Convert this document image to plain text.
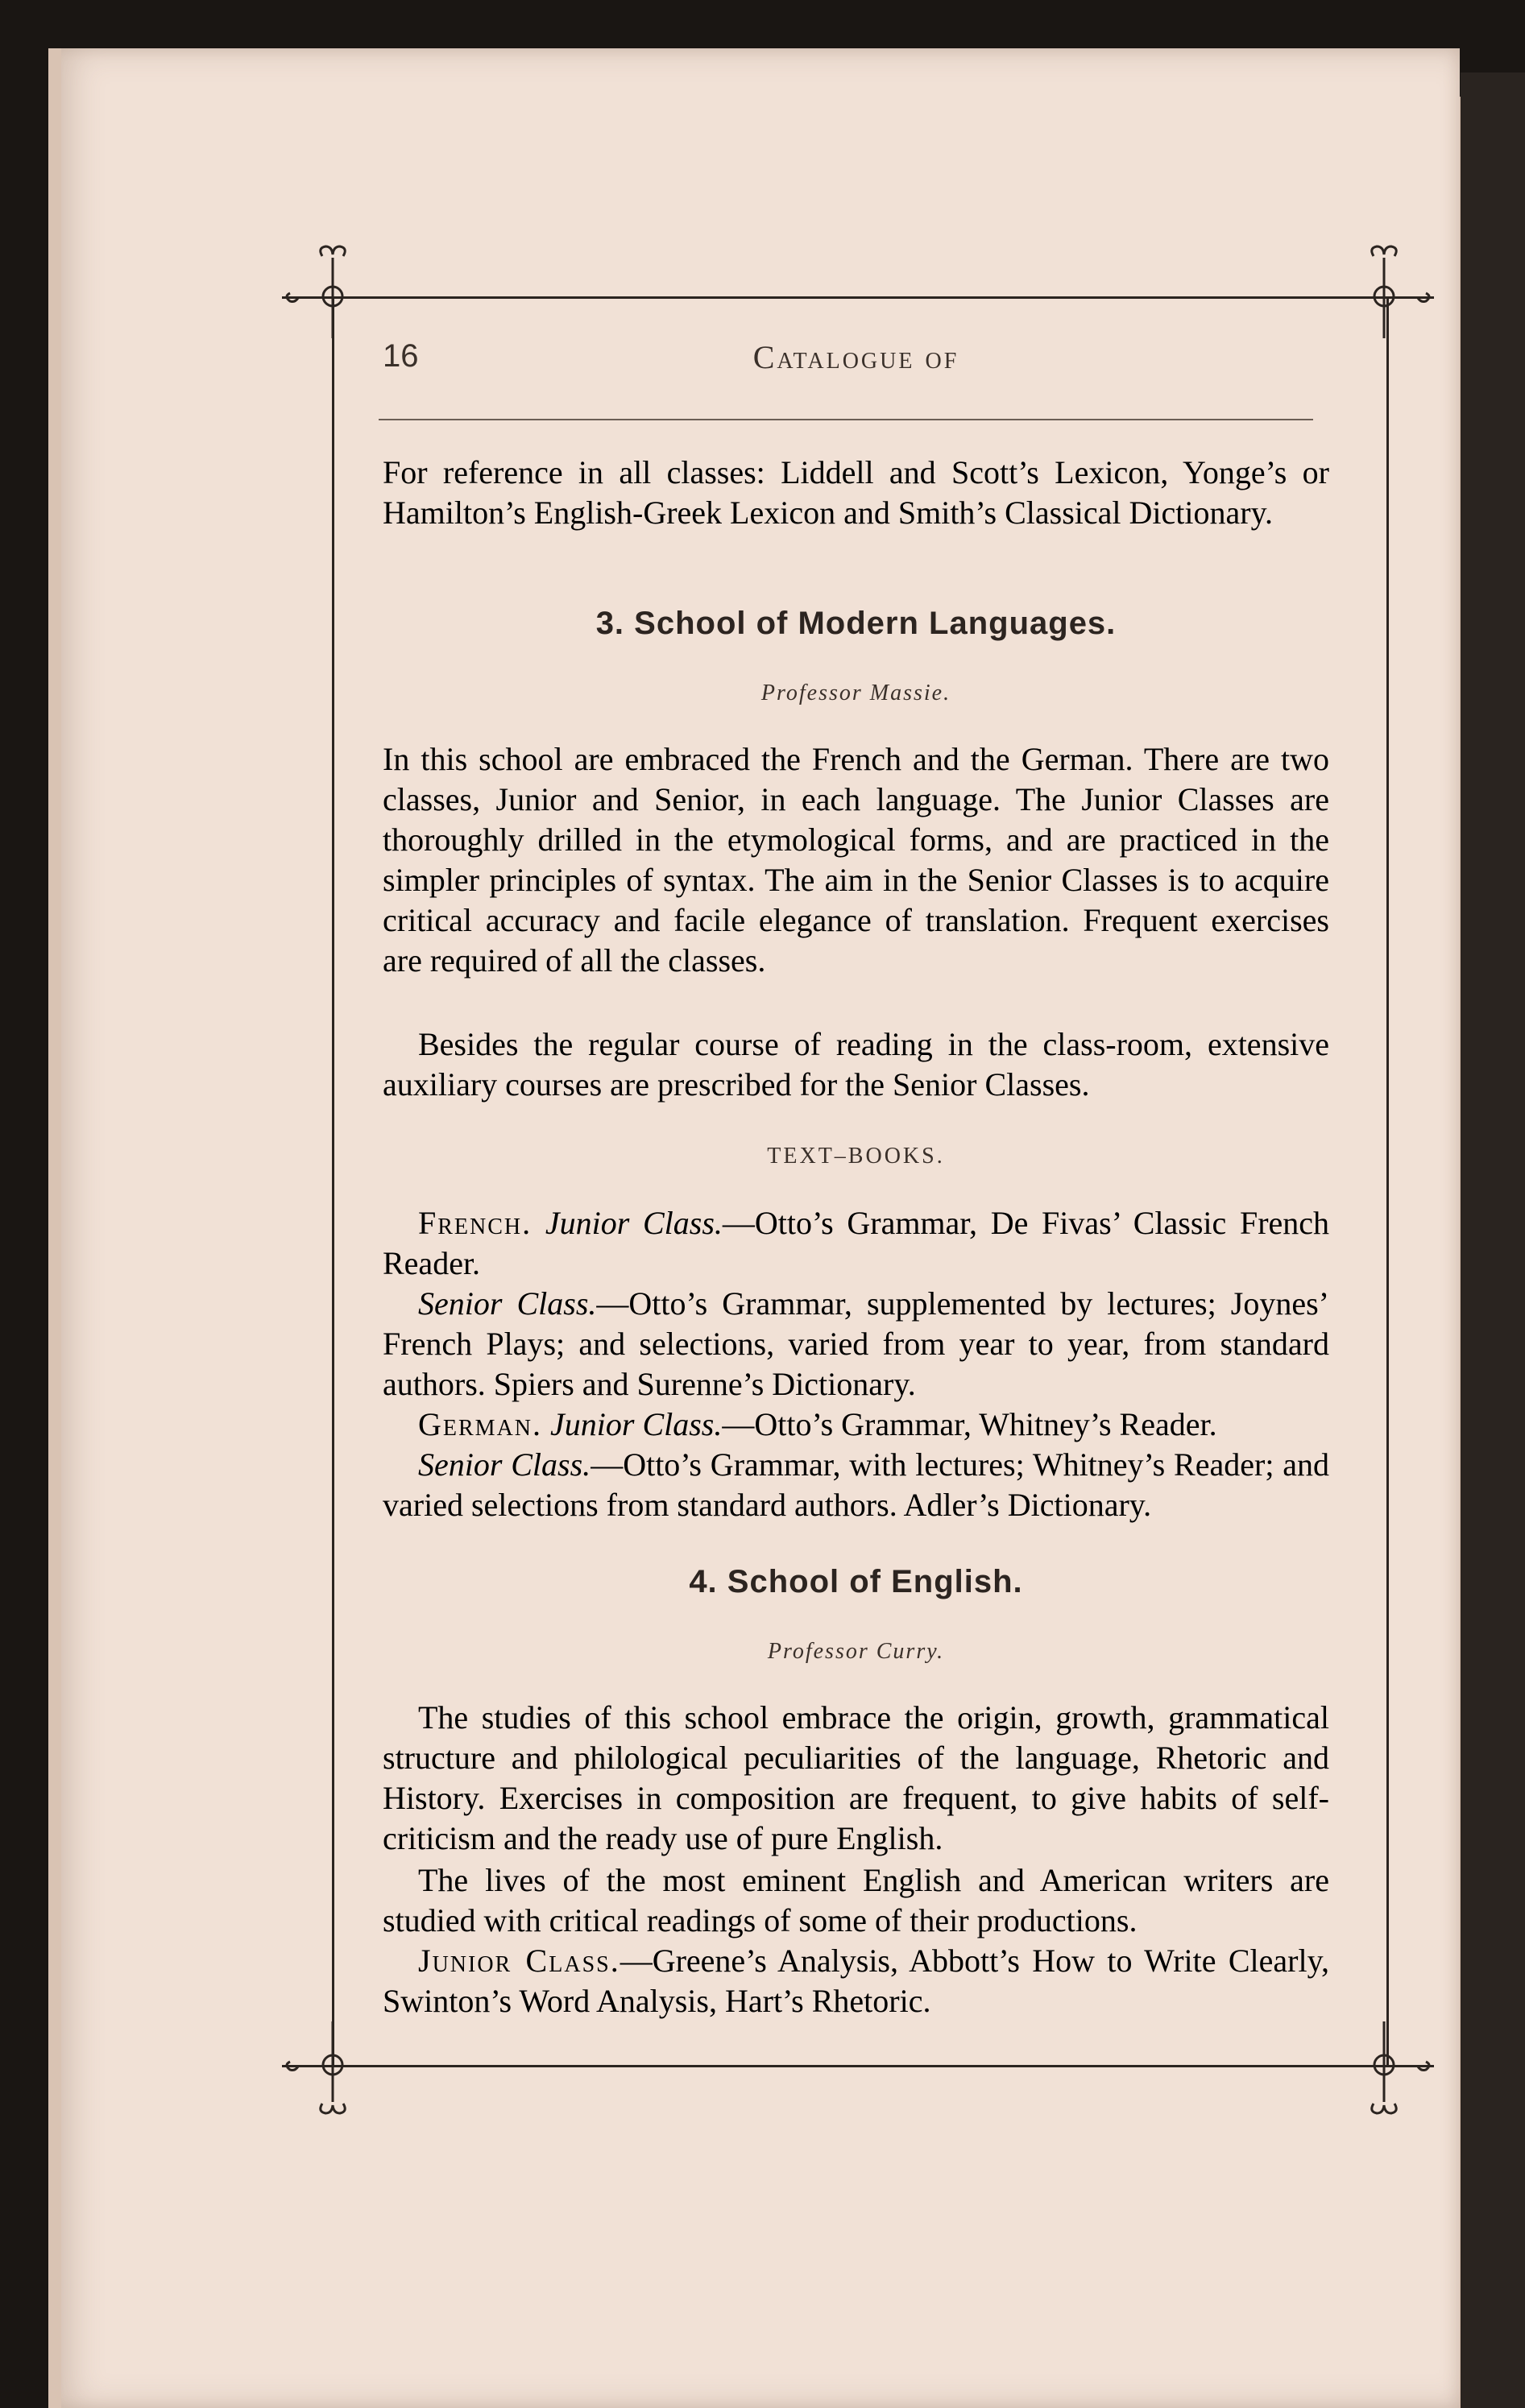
16	Catalogue of
For reference in all classes: Liddell and Scott’s Lexicon, Yonge’s or Hamilton’s English-Greek Lexicon and Smith’s Classical Dictionary.
3. School of Modern Languages.
Professor Massie.
In this school are embraced the French and the German. There are two classes, Junior and Senior, in each language. The Junior Classes are thoroughly drilled in the etymological forms, and are practiced in the simpler principles of syntax. The aim in the Senior Classes is to acquire critical accuracy and facile elegance of translation. Frequent exercises are required of all the classes.
Besides the regular course of reading in the class-room, extensive auxiliary courses are prescribed for the Senior Classes.
TEXT–BOOKS.
French. Junior Class.—Otto’s Grammar, De Fivas’ Classic French Reader.
Senior Class.—Otto’s Grammar, supplemented by lectures; Joynes’ French Plays; and selections, varied from year to year, from standard authors. Spiers and Surenne’s Dictionary.
German. Junior Class.—Otto’s Grammar, Whitney’s Reader.
Senior Class.—Otto’s Grammar, with lectures; Whitney’s Reader; and varied selections from standard authors. Adler’s Dictionary.
4. School of English.
Professor Curry.
The studies of this school embrace the origin, growth, grammatical structure and philological peculiarities of the language, Rhetoric and History. Exercises in composition are frequent, to give habits of self-criticism and the ready use of pure English.
The lives of the most eminent English and American writers are studied with critical readings of some of their productions.
Junior Class.—Greene’s Analysis, Abbott’s How to Write Clearly, Swinton’s Word Analysis, Hart’s Rhetoric.
